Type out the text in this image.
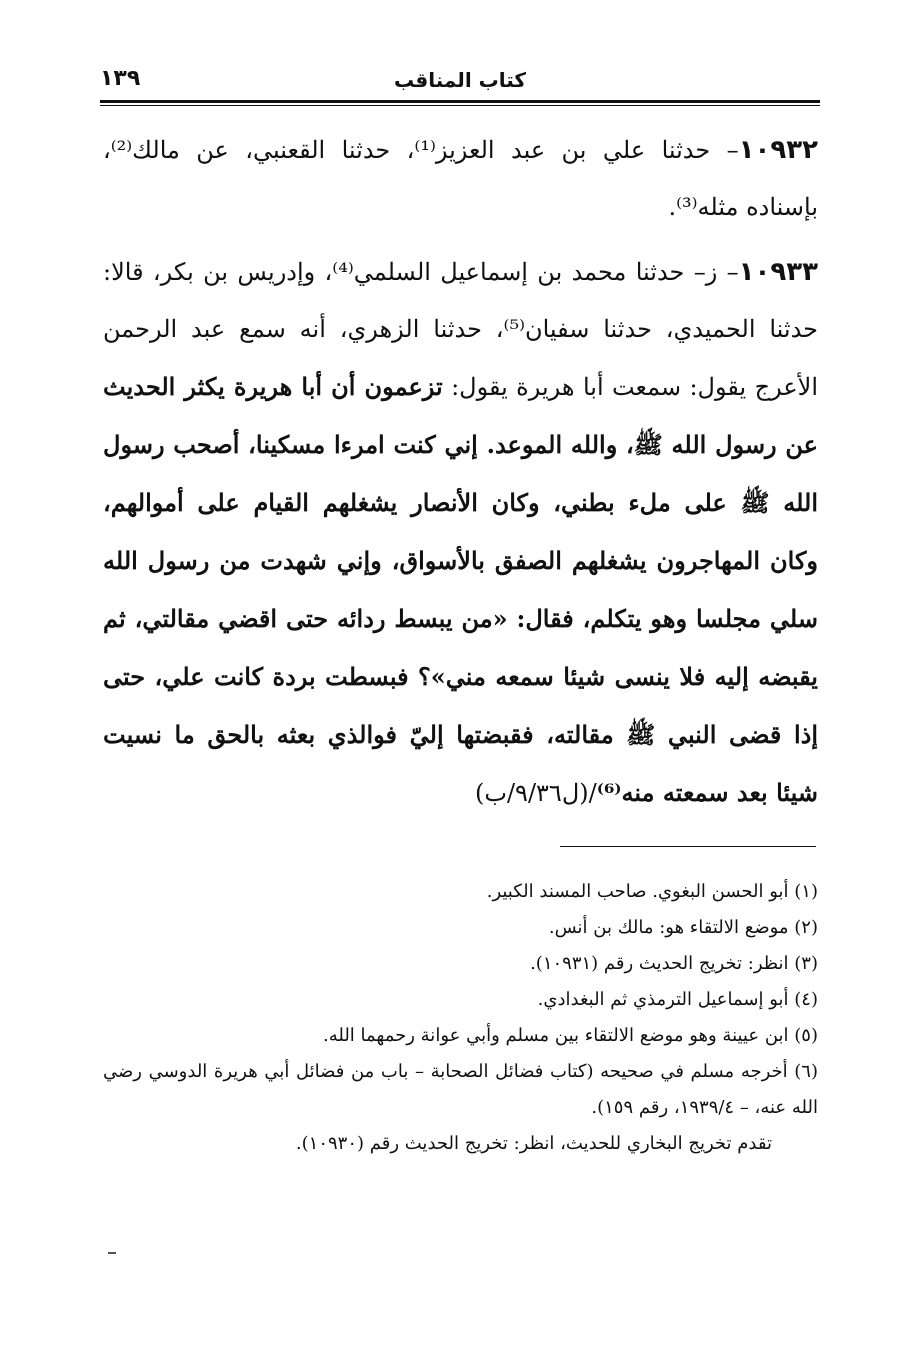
١٣٩	كتاب المناقب

١٠٩٣٢– حدثنا علي بن عبد العزيز⁽¹⁾، حدثنا القعنبي، عن مالك⁽²⁾، بإسناده مثله⁽³⁾.

١٠٩٣٣– ز– حدثنا محمد بن إسماعيل السلمي⁽⁴⁾، وإدريس بن بكر، قالا: حدثنا الحميدي، حدثنا سفيان⁽⁵⁾، حدثنا الزهري، أنه سمع عبد الرحمن الأعرج يقول: سمعت أبا هريرة يقول: تزعمون أن أبا هريرة يكثر الحديث عن رسول الله ﷺ، والله الموعد. إني كنت امرءا مسكينا، أصحب رسول الله ﷺ على ملء بطني، وكان الأنصار يشغلهم القيام على أموالهم، وكان المهاجرون يشغلهم الصفق بالأسواق، وإني شهدت من رسول الله سلي مجلسا وهو يتكلم، فقال: «من يبسط ردائه حتى اقضي مقالتي، ثم يقبضه إليه فلا ينسى شيئا سمعه مني»؟ فبسطت بردة كانت علي، حتى إذا قضى النبي ﷺ مقالته، فقبضتها إليّ فوالذي بعثه بالحق ما نسيت شيئا بعد سمعته منه⁽⁶⁾/(ل٩/٣٦/ب)

(١) أبو الحسن البغوي. صاحب المسند الكبير.
(٢) موضع الالتقاء هو: مالك بن أنس.
(٣) انظر: تخريج الحديث رقم (١٠٩٣١).
(٤) أبو إسماعيل الترمذي ثم البغدادي.
(٥) ابن عيينة وهو موضع الالتقاء بين مسلم وأبي عوانة رحمهما الله.
(٦) أخرجه مسلم في صحيحه (كتاب فضائل الصحابة – باب من فضائل أبي هريرة الدوسي رضي الله عنه، – ١٩٣٩/٤، رقم ١٥٩).
تقدم تخريج البخاري للحديث، انظر: تخريج الحديث رقم (١٠٩٣٠).
